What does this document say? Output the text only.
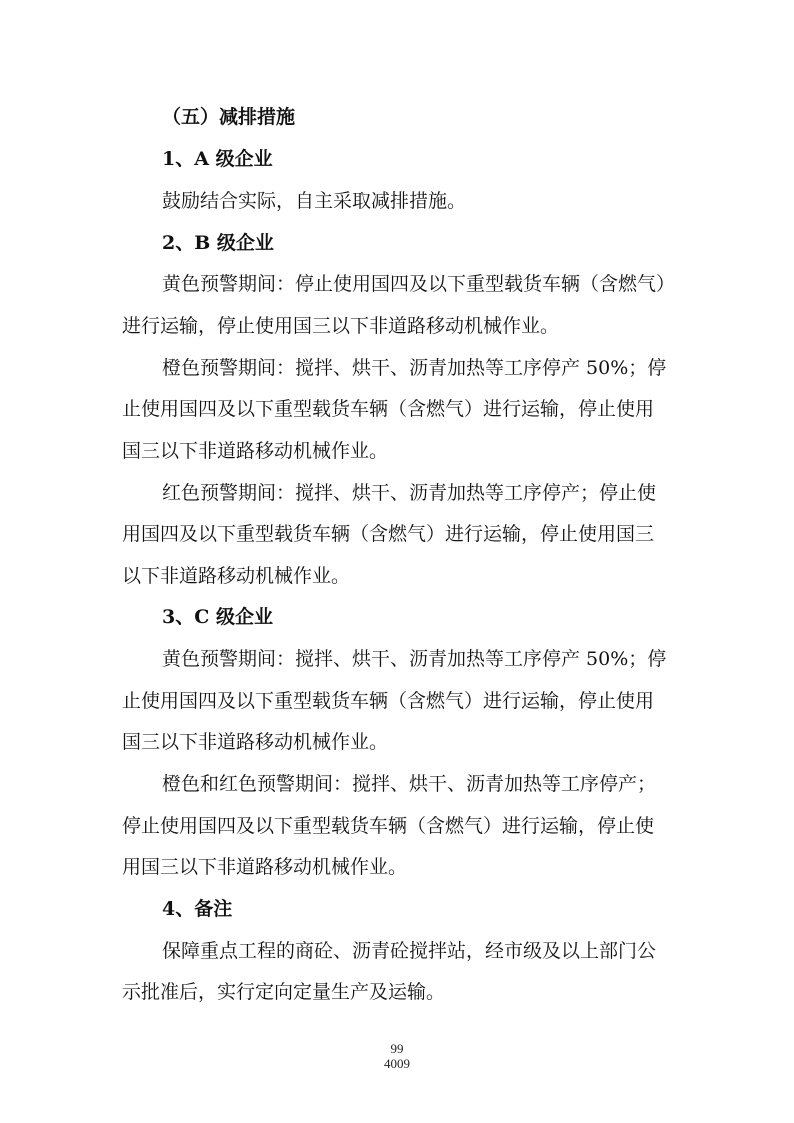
（五）减排措施
1、A 级企业
鼓励结合实际，自主采取减排措施。
2、B 级企业
黄色预警期间：停止使用国四及以下重型载货车辆（含燃气）
进行运输，停止使用国三以下非道路移动机械作业。
橙色预警期间：搅拌、烘干、沥青加热等工序停产 50%；停
止使用国四及以下重型载货车辆（含燃气）进行运输，停止使用
国三以下非道路移动机械作业。
红色预警期间：搅拌、烘干、沥青加热等工序停产；停止使
用国四及以下重型载货车辆（含燃气）进行运输，停止使用国三
以下非道路移动机械作业。
3、C 级企业
黄色预警期间：搅拌、烘干、沥青加热等工序停产 50%；停
止使用国四及以下重型载货车辆（含燃气）进行运输，停止使用
国三以下非道路移动机械作业。
橙色和红色预警期间：搅拌、烘干、沥青加热等工序停产；
停止使用国四及以下重型载货车辆（含燃气）进行运输，停止使
用国三以下非道路移动机械作业。
4、备注
保障重点工程的商砼、沥青砼搅拌站，经市级及以上部门公
示批准后，实行定向定量生产及运输。
99
4009
